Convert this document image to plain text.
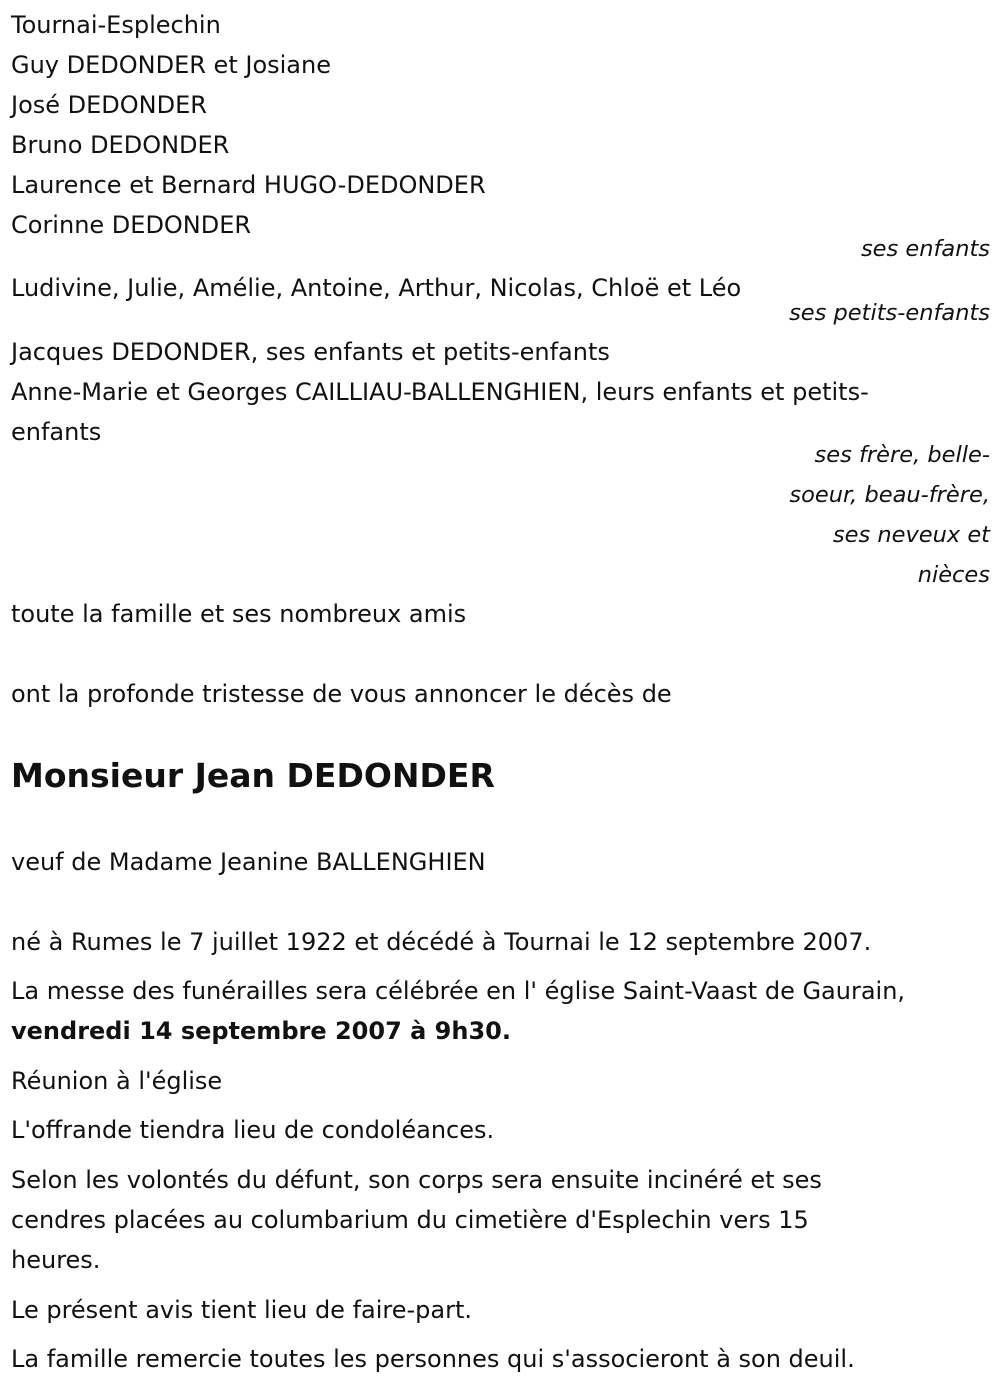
Tournai-Esplechin
Guy DEDONDER et Josiane
José DEDONDER
Bruno DEDONDER
Laurence et Bernard HUGO-DEDONDER
Corinne DEDONDER
ses enfants
Ludivine, Julie, Amélie, Antoine, Arthur, Nicolas, Chloë et Léo
ses petits-enfants
Jacques DEDONDER, ses enfants et petits-enfants
Anne-Marie et Georges CAILLIAU-BALLENGHIEN, leurs enfants et petits-
enfants
ses frère, belle-
soeur, beau-frère,
ses neveux et
nièces
toute la famille et ses nombreux amis
ont la profonde tristesse de vous annoncer le décès de
Monsieur Jean DEDONDER
veuf de Madame Jeanine BALLENGHIEN
né à Rumes le 7 juillet 1922 et décédé à Tournai le 12 septembre 2007.
La messe des funérailles sera célébrée en l' église Saint-Vaast de Gaurain,
vendredi 14 septembre 2007 à 9h30.
Réunion à l'église
L'offrande tiendra lieu de condoléances.
Selon les volontés du défunt, son corps sera ensuite incinéré et ses
cendres placées au columbarium du cimetière d'Esplechin vers 15
heures.
Le présent avis tient lieu de faire-part.
La famille remercie toutes les personnes qui s'associeront à son deuil.
